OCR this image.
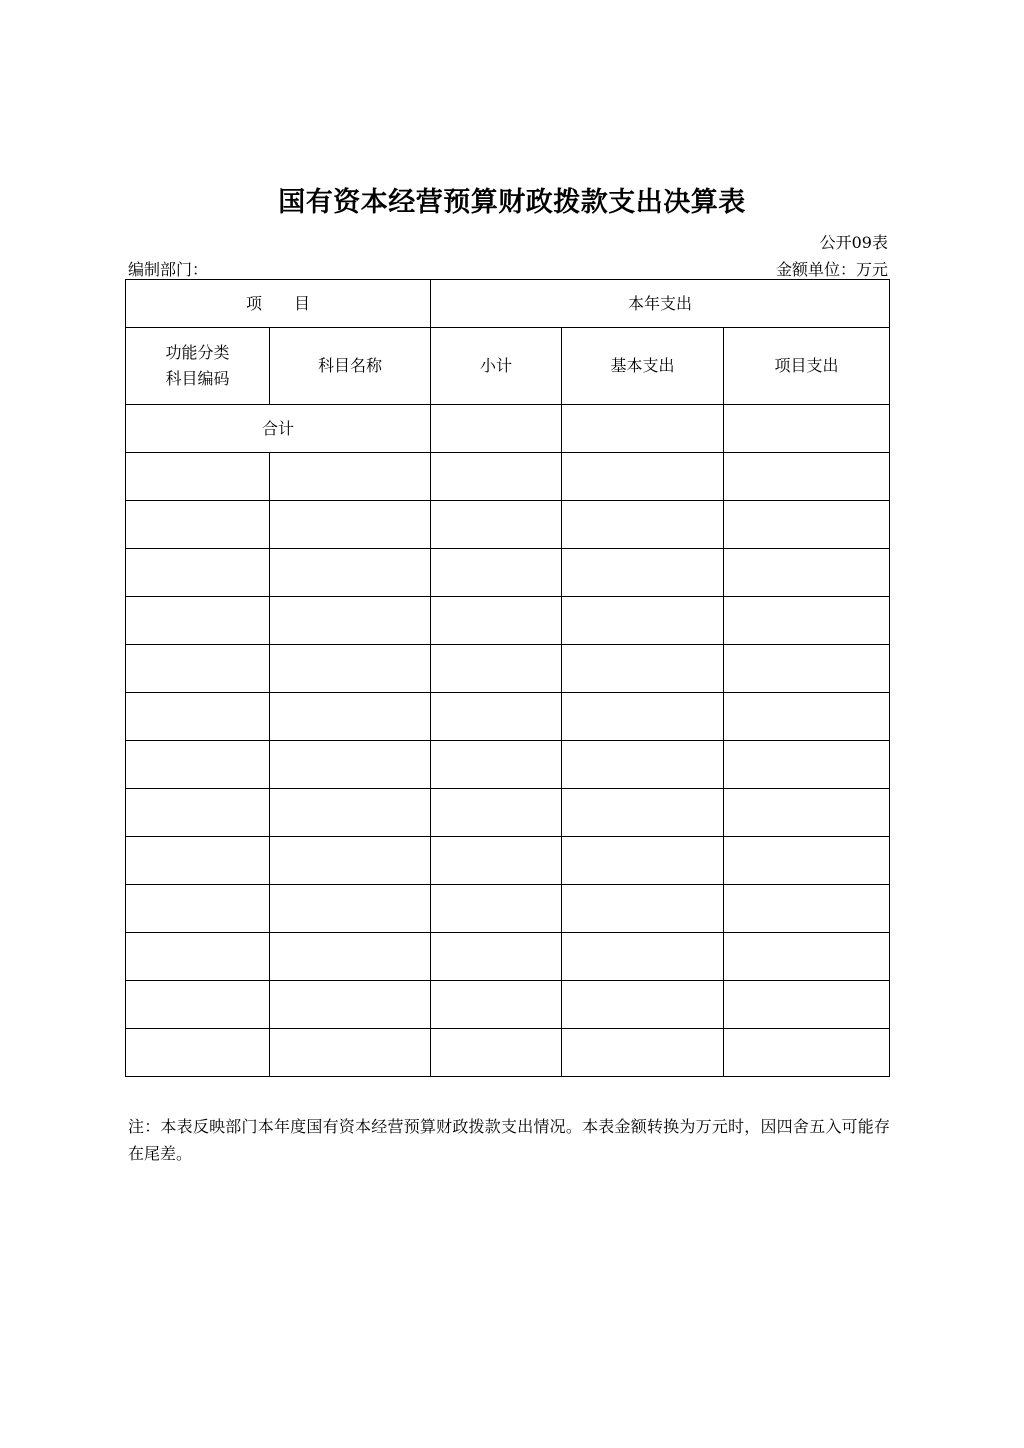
国有资本经营预算财政拨款支出决算表
公开09表
编制部门：	金额单位：万元
项　　目		本年支出		

功能分类
科目编码	科目名称	小计	基本支出	项目支出
合计				

注：本表反映部门本年度国有资本经营预算财政拨款支出情况。本表金额转换为万元时，因四舍五入可能存在尾差。
